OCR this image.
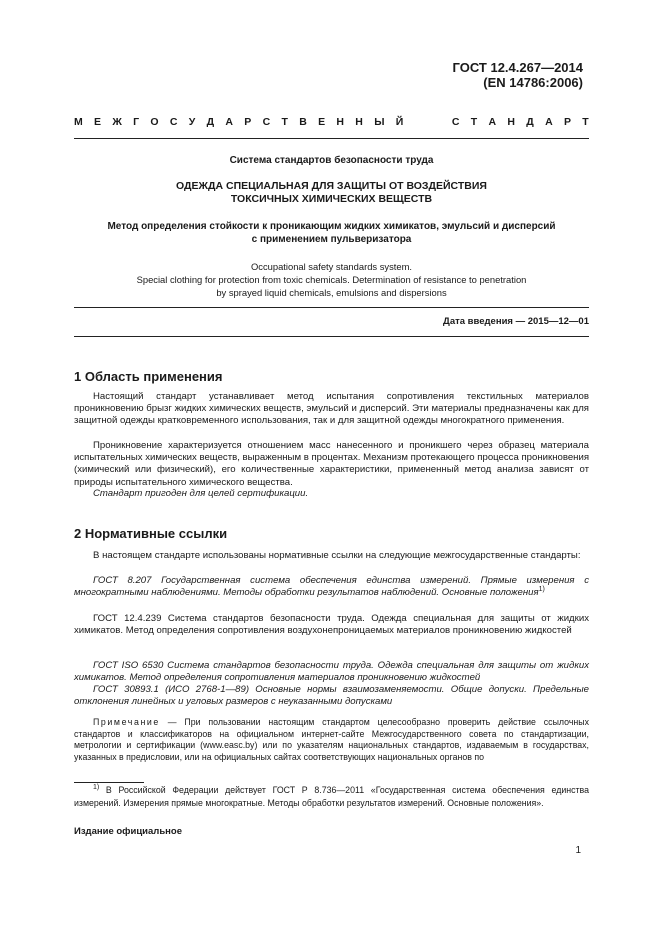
ГОСТ 12.4.267—2014
(EN 14786:2006)
М Е Ж Г О С У Д А Р С Т В Е Н Н Ы Й	С Т А Н Д А Р Т
Система стандартов безопасности труда
ОДЕЖДА СПЕЦИАЛЬНАЯ ДЛЯ ЗАЩИТЫ ОТ ВОЗДЕЙСТВИЯ
ТОКСИЧНЫХ ХИМИЧЕСКИХ ВЕЩЕСТВ
Метод определения стойкости к проникающим жидких химикатов, эмульсий и дисперсий
с применением пульверизатора
Occupational safety standards system.
Special clothing for protection from toxic chemicals. Determination of resistance to penetration
by sprayed liquid chemicals, emulsions and dispersions
Дата введения — 2015—12—01
1 Область применения
Настоящий стандарт устанавливает метод испытания сопротивления текстильных материалов проникновению брызг жидких химических веществ, эмульсий и дисперсий. Эти материалы предназначены как для защитной одежды кратковременного использования, так и для защитной одежды многократного применения.
Проникновение характеризуется отношением масс нанесенного и проникшего через образец материала испытательных химических веществ, выраженным в процентах. Механизм протекающего процесса проникновения (химический или физический), его количественные характеристики, примененный метод анализа зависят от природы испытательного химического вещества.
Стандарт пригоден для целей сертификации.
2 Нормативные ссылки
В настоящем стандарте использованы нормативные ссылки на следующие межгосударственные стандарты:
ГОСТ 8.207 Государственная система обеспечения единства измерений. Прямые измерения с многократными наблюдениями. Методы обработки результатов наблюдений. Основные положения$^{1)}$
ГОСТ 12.4.239 Система стандартов безопасности труда. Одежда специальная для защиты от жидких химикатов. Метод определения сопротивления воздухонепроницаемых материалов проникновению жидкостей
ГОСТ ISO 6530 Система стандартов безопасности труда. Одежда специальная для защиты от жидких химикатов. Метод определения сопротивления материалов проникновению жидкостей
ГОСТ 30893.1 (ИСО 2768-1—89) Основные нормы взаимозаменяемости. Общие допуски. Предельные отклонения линейных и угловых размеров с неуказанными допусками
Примечание — При пользовании настоящим стандартом целесообразно проверить действие ссылочных стандартов и классификаторов на официальном интернет-сайте Межгосударственного совета по стандартизации, метрологии и сертификации (www.easc.by) или по указателям национальных стандартов, издаваемым в государствах, указанных в предисловии, или на официальных сайтах соответствующих национальных органов по
$^{1)}$ В Российской Федерации действует ГОСТ Р 8.736—2011 «Государственная система обеспечения единства измерений. Измерения прямые многократные. Методы обработки результатов измерений. Основные положения».
Издание официальное
1
